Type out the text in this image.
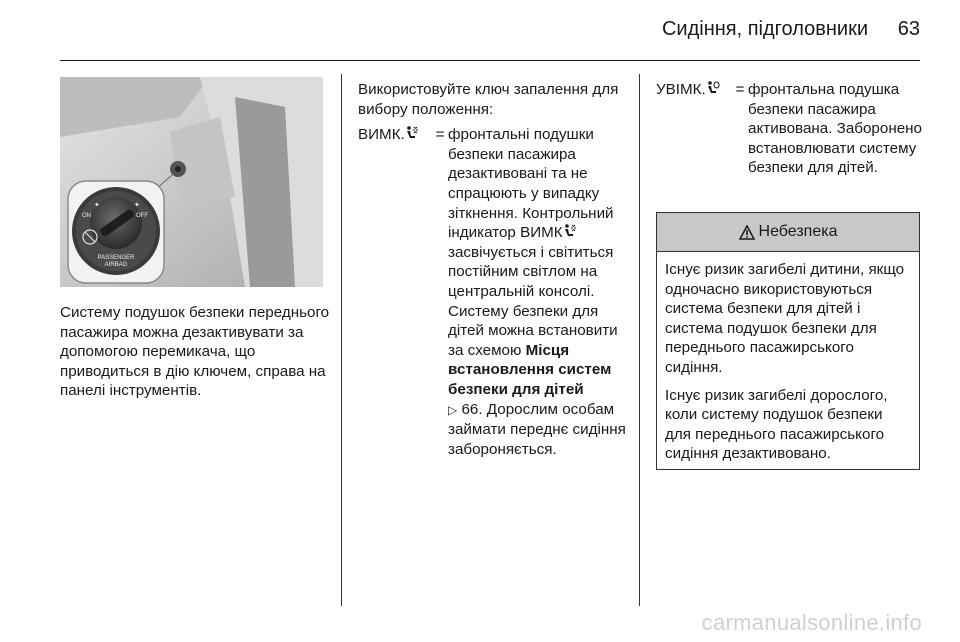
Сидіння, підголовники 63
✦	✦
ON	OFF
PASSENGER
AIRBAG

Систему подушок безпеки переднього пасажира можна дезактивувати за допомогою перемикача, що приводиться в дію ключем, справа на панелі інструментів.

Використовуйте ключ запалення для вибору положення:

ВИМК.	= фронтальні подушки безпеки пасажира дезактивовані та не спрацюють у випадку зіткнення. Контрольний індикатор ВИМК засвічується і світиться постійним світлом на центральній консолі. Систему безпеки для дітей можна встановити за схемою Місця встановлення систем безпеки для дітей
▷ 66. Дорослим особам займати переднє сидіння забороняється.
УВІМК.	= фронтальна подушка безпеки пасажира активована. Заборонено встановлювати систему безпеки для дітей.
Небезпека

Існує ризик загибелі дитини, якщо одночасно використовуються система безпеки для дітей і система подушок безпеки для переднього пасажирського сидіння.

Існує ризик загибелі дорослого, коли систему подушок безпеки для переднього пасажирського сидіння дезактивовано.

carmanualsonline.info
